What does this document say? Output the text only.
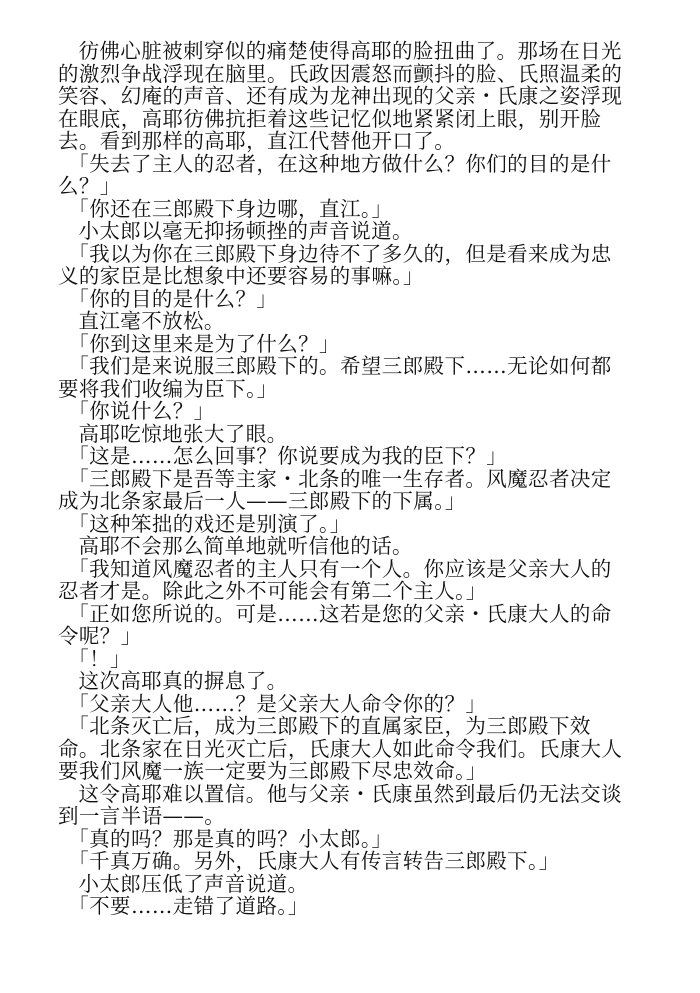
彷佛心脏被刺穿似的痛楚使得高耶的脸扭曲了。那场在日光的激烈争战浮现在脑里。氏政因震怒而颤抖的脸、氏照温柔的笑容、幻庵的声音、还有成为龙神出现的父亲・氏康之姿浮现在眼底，高耶彷佛抗拒着这些记忆似地紧紧闭上眼，别开脸去。看到那样的高耶，直江代替他开口了。

「失去了主人的忍者，在这种地方做什么？你们的目的是什么？」

「你还在三郎殿下身边哪，直江。」

小太郎以毫无抑扬顿挫的声音说道。

「我以为你在三郎殿下身边待不了多久的，但是看来成为忠义的家臣是比想象中还要容易的事嘛。」

「你的目的是什么？」

直江毫不放松。

「你到这里来是为了什么？」

「我们是来说服三郎殿下的。希望三郎殿下……无论如何都要将我们收编为臣下。」

「你说什么？」

高耶吃惊地张大了眼。

「这是……怎么回事？你说要成为我的臣下？」

「三郎殿下是吾等主家・北条的唯一生存者。风魔忍者决定成为北条家最后一人——三郎殿下的下属。」

「这种笨拙的戏还是别演了。」

高耶不会那么简单地就听信他的话。

「我知道风魔忍者的主人只有一个人。你应该是父亲大人的忍者才是。除此之外不可能会有第二个主人。」

「正如您所说的。可是……这若是您的父亲・氏康大人的命令呢？」

「！」

这次高耶真的摒息了。

「父亲大人他……？是父亲大人命令你的？」

「北条灭亡后，成为三郎殿下的直属家臣，为三郎殿下效命。北条家在日光灭亡后，氏康大人如此命令我们。氏康大人要我们风魔一族一定要为三郎殿下尽忠效命。」

这令高耶难以置信。他与父亲・氏康虽然到最后仍无法交谈到一言半语——。

「真的吗？那是真的吗？小太郎。」

「千真万确。另外，氏康大人有传言转告三郎殿下。」

小太郎压低了声音说道。

「不要……走错了道路。」
